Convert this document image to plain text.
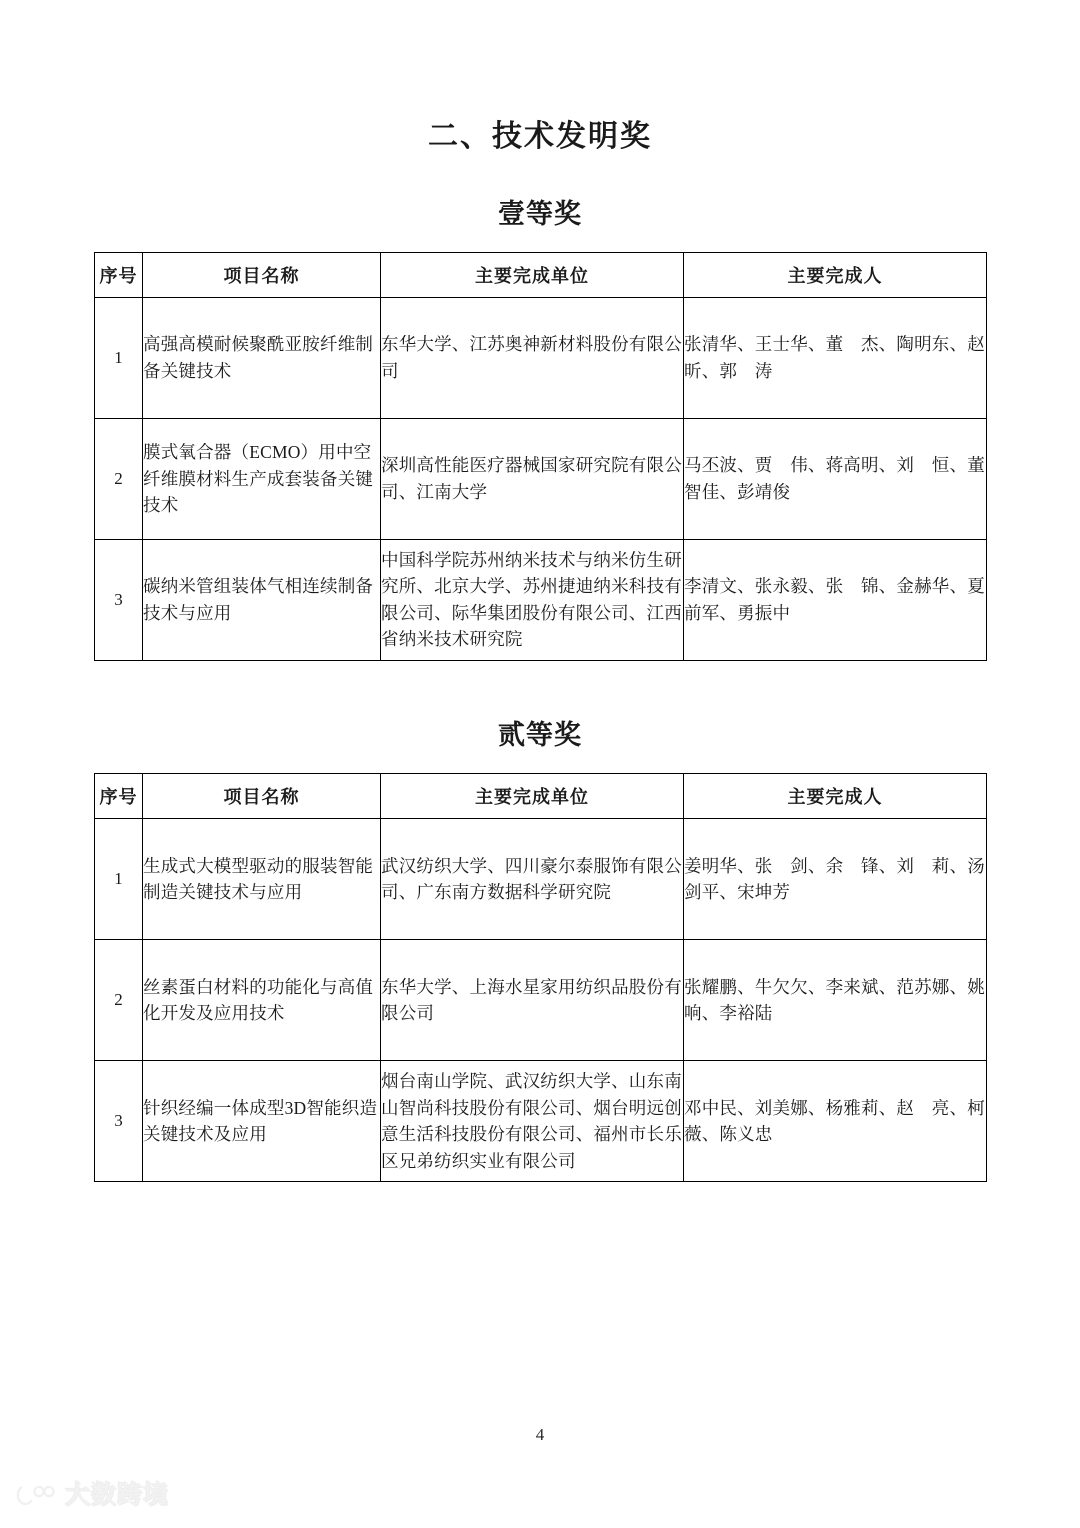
二、技术发明奖
壹等奖
序号	项目名称	主要完成单位	主要完成人
1	高强高模耐候聚酰亚胺纤维制备关键技术	东华大学、江苏奥神新材料股份有限公司	张清华、王士华、董　杰、陶明东、赵　昕、郭　涛
2	膜式氧合器（ECMO）用中空纤维膜材料生产成套装备关键技术	深圳高性能医疗器械国家研究院有限公司、江南大学	马丕波、贾　伟、蒋高明、刘　恒、董智佳、彭靖俊
3	碳纳米管组装体气相连续制备技术与应用	中国科学院苏州纳米技术与纳米仿生研究所、北京大学、苏州捷迪纳米科技有限公司、际华集团股份有限公司、江西省纳米技术研究院	李清文、张永毅、张　锦、金赫华、夏前军、勇振中
贰等奖
序号	项目名称	主要完成单位	主要完成人
1	生成式大模型驱动的服装智能制造关键技术与应用	武汉纺织大学、四川豪尔泰服饰有限公司、广东南方数据科学研究院	姜明华、张　剑、余　锋、刘　莉、汤剑平、宋坤芳
2	丝素蛋白材料的功能化与高值化开发及应用技术	东华大学、上海水星家用纺织品股份有限公司	张耀鹏、牛欠欠、李来斌、范苏娜、姚　响、李裕陆
3	针织经编一体成型3D智能织造关键技术及应用	烟台南山学院、武汉纺织大学、山东南山智尚科技股份有限公司、烟台明远创意生活科技股份有限公司、福州市长乐区兄弟纺织实业有限公司	邓中民、刘美娜、杨雅莉、赵　亮、柯　薇、陈义忠
4
大数跨境
